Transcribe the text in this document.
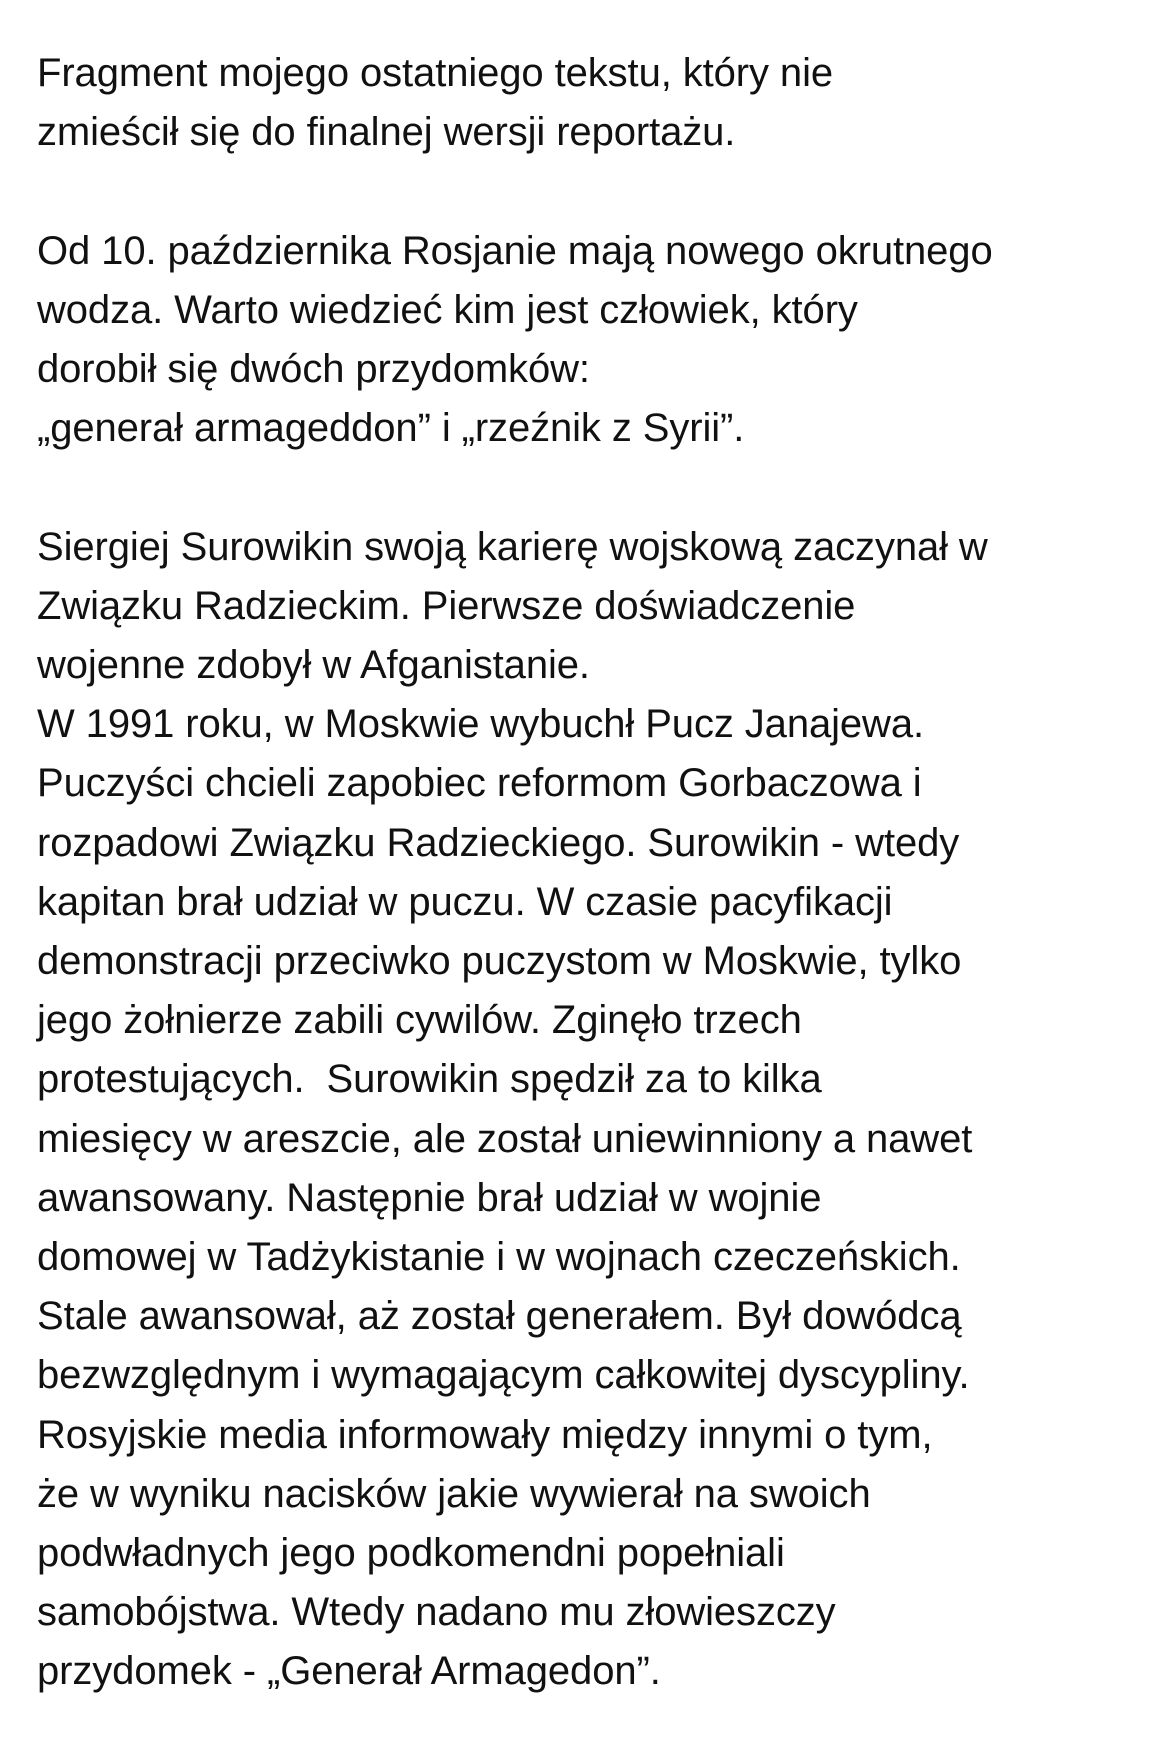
Fragment mojego ostatniego tekstu, który nie
zmieścił się do finalnej wersji reportażu.
Od 10. października Rosjanie mają nowego okrutnego
wodza. Warto wiedzieć kim jest człowiek, który
dorobił się dwóch przydomków:
„generał armageddon” i „rzeźnik z Syrii”.
Siergiej Surowikin swoją karierę wojskową zaczynał w
Związku Radzieckim. Pierwsze doświadczenie
wojenne zdobył w Afganistanie.
W 1991 roku, w Moskwie wybuchł Pucz Janajewa.
Puczyści chcieli zapobiec reformom Gorbaczowa i
rozpadowi Związku Radzieckiego. Surowikin - wtedy
kapitan brał udział w puczu. W czasie pacyfikacji
demonstracji przeciwko puczystom w Moskwie, tylko
jego żołnierze zabili cywilów. Zginęło trzech
protestujących.  Surowikin spędził za to kilka
miesięcy w areszcie, ale został uniewinniony a nawet
awansowany. Następnie brał udział w wojnie
domowej w Tadżykistanie i w wojnach czeczeńskich.
Stale awansował, aż został generałem. Był dowódcą
bezwzględnym i wymagającym całkowitej dyscypliny.
Rosyjskie media informowały między innymi o tym,
że w wyniku nacisków jakie wywierał na swoich
podwładnych jego podkomendni popełniali
samobójstwa. Wtedy nadano mu złowieszczy
przydomek - „Generał Armagedon”.
